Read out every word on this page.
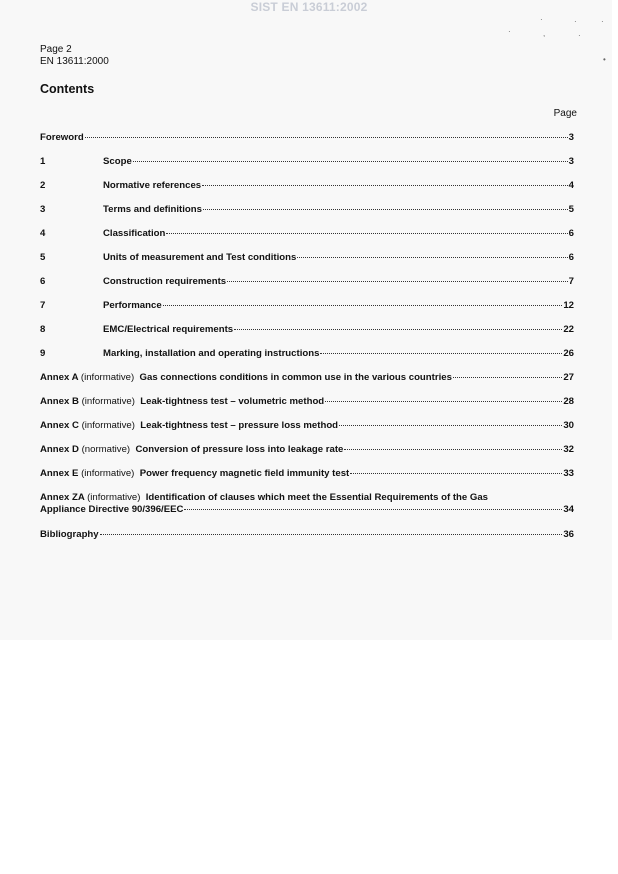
SIST EN 13611:2002
·	·	·
·	,	·
•
Page 2
EN 13611:2000
Contents
Page
Foreword	3
1	Scope	3
2	Normative references	4
3	Terms and definitions	5
4	Classification	6
5	Units of measurement and Test conditions	6
6	Construction requirements	7
7	Performance	12
8	EMC/Electrical requirements	22
9	Marking, installation and operating instructions	26
Annex A (informative) Gas connections conditions in common use in the various countries	27
Annex B (informative) Leak-tightness test – volumetric method	28
Annex C (informative) Leak-tightness test – pressure loss method	30
Annex D (normative) Conversion of pressure loss into leakage rate	32
Annex E (informative) Power frequency magnetic field immunity test	33
Annex ZA (informative) Identification of clauses which meet the Essential Requirements of the Gas
Appliance Directive 90/396/EEC	34
Bibliography	36
